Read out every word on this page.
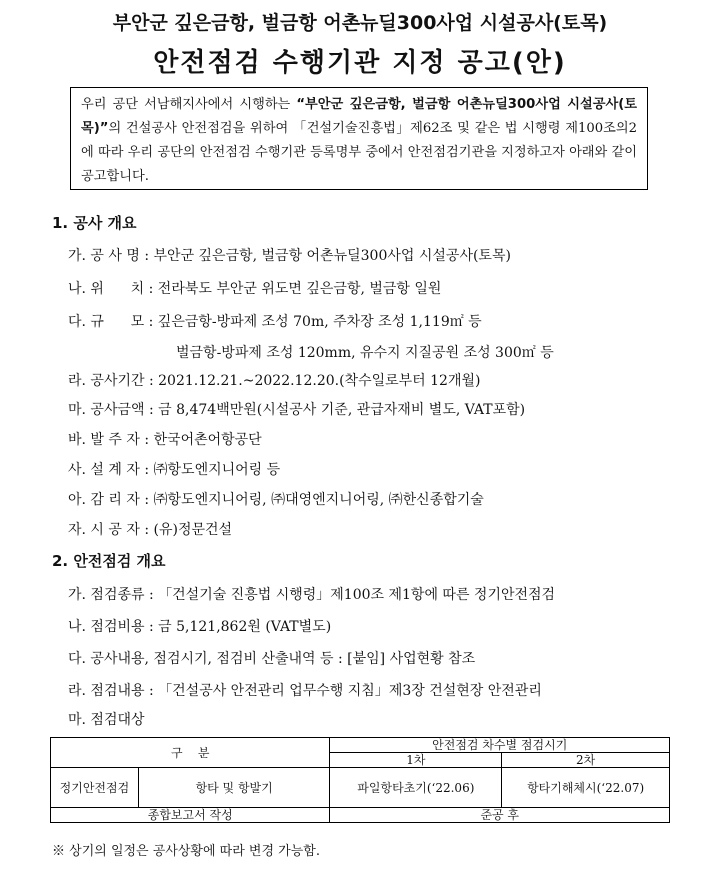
부안군 깊은금항, 벌금항 어촌뉴딜300사업 시설공사(토목)
안전점검 수행기관 지정 공고(안)
우리 공단 서남해지사에서 시행하는 “부안군 깊은금항, 벌금항 어촌뉴딜300사업 시설공사(토목)”의 건설공사 안전점검을 위하여 「건설기술진흥법」제62조 및 같은 법 시행령 제100조의2에 따라 우리 공단의 안전점검 수행기관 등록명부 중에서 안전점검기관을 지정하고자 아래와 같이 공고합니다.
1. 공사 개요
가. 공 사 명 : 부안군 깊은금항, 벌금항 어촌뉴딜300사업 시설공사(토목)
나. 위      치 : 전라북도 부안군 위도면 깊은금항, 벌금항 일원
다. 규      모 : 깊은금항-방파제 조성 70m, 주차장 조성 1,119㎡ 등
벌금항-방파제 조성 120mm, 유수지 지질공원 조성 300㎡ 등
라. 공사기간 : 2021.12.21.~2022.12.20.(착수일로부터 12개월)
마. 공사금액 : 금 8,474백만원(시설공사 기준, 관급자재비 별도, VAT포함)
바. 발 주 자 : 한국어촌어항공단
사. 설 계 자 : ㈜항도엔지니어링 등
아. 감 리 자 : ㈜항도엔지니어링, ㈜대영엔지니어링, ㈜한신종합기술
자. 시 공 자 : (유)정문건설
2. 안전점검 개요
가. 점검종류 : 「건설기술 진흥법 시행령」제100조 제1항에 따른 정기안전점검
나. 점검비용 : 금 5,121,862원 (VAT별도)
다. 공사내용, 점검시기, 점검비 산출내역 등 : [붙임] 사업현황 참조
라. 점검내용 : 「건설공사 안전관리 업무수행 지침」제3장 건설현장 안전관리
마. 점검대상
구    분		안전점검 차수별 점검시기	
		1차	2차
정기안전점검	항타 및 항발기	파일항타초기(‘22.06)	항타기해체시(‘22.07)
종합보고서 작성		준공 후	
※ 상기의 일정은 공사상황에 따라 변경 가능함.
